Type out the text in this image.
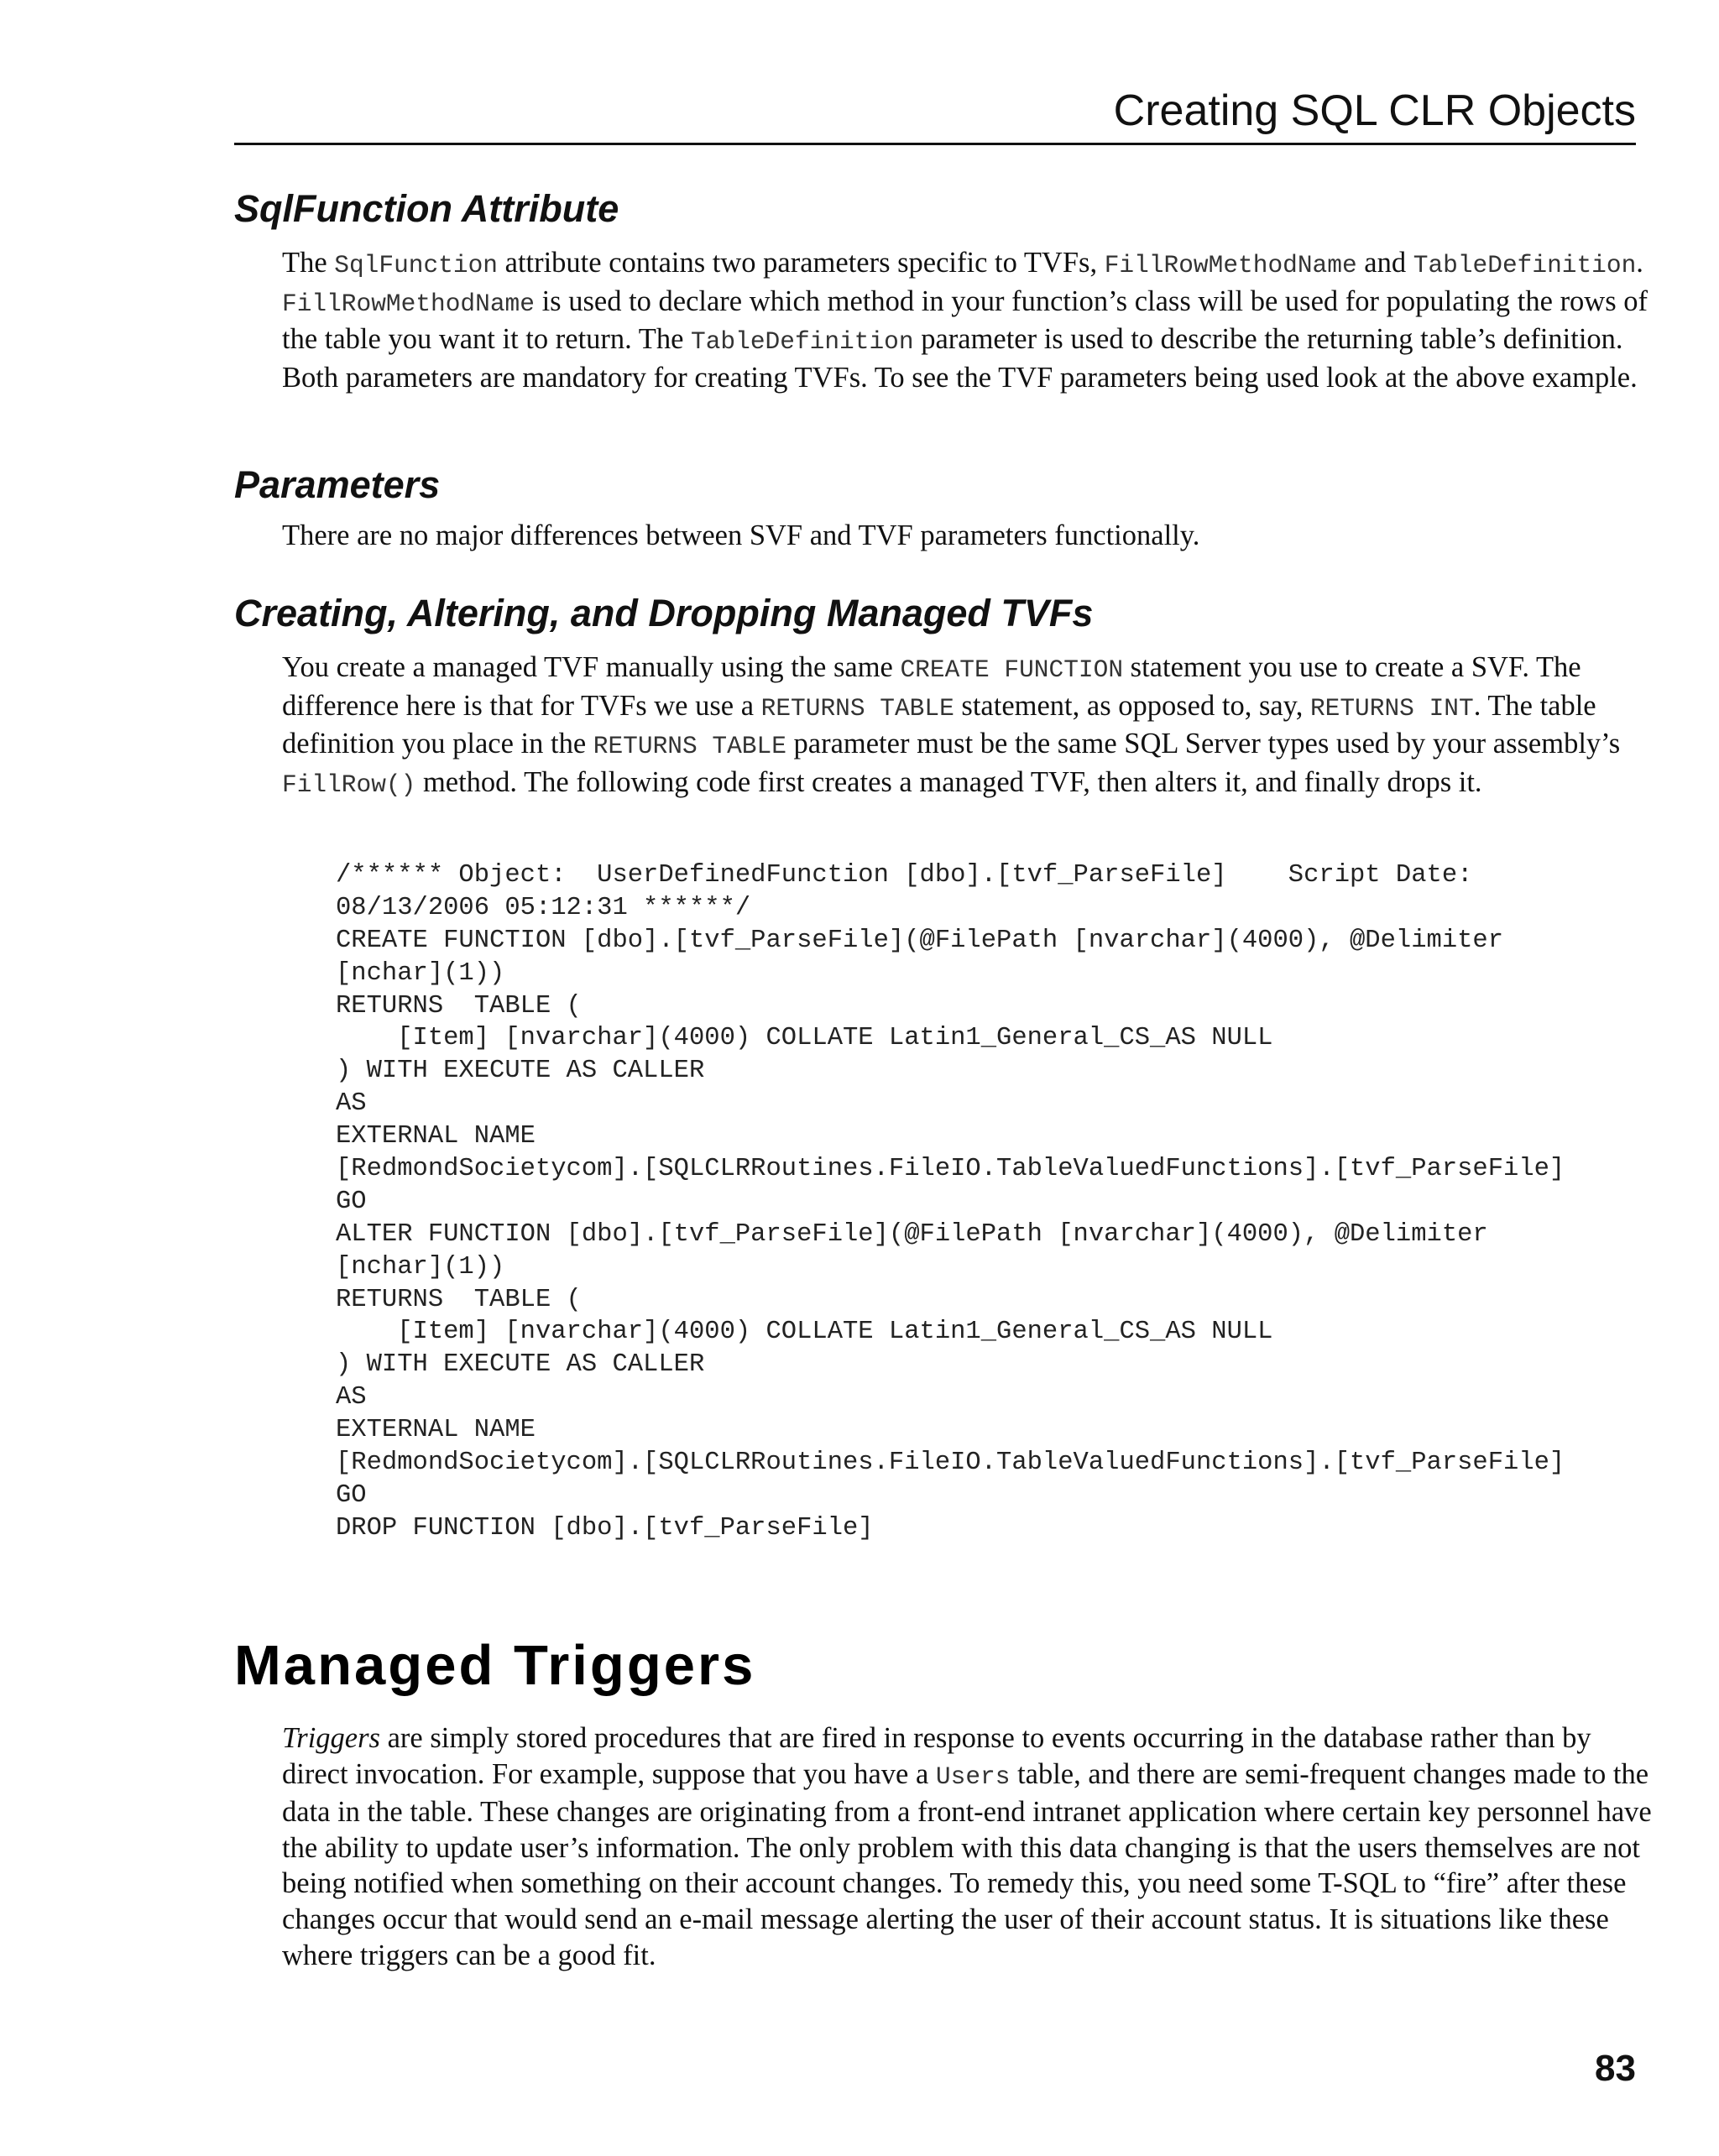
Creating SQL CLR Objects
SqlFunction Attribute

The SqlFunction attribute contains two parameters specific to TVFs, FillRowMethodName and TableDefinition. FillRowMethodName is used to declare which method in your function’s class will be used for populating the rows of the table you want it to return. The TableDefinition parameter is used to describe the returning table’s definition. Both parameters are mandatory for creating TVFs. To see the TVF parameters being used look at the above example.

Parameters

There are no major differences between SVF and TVF parameters functionally.

Creating, Altering, and Dropping Managed TVFs

You create a managed TVF manually using the same CREATE FUNCTION statement you use to create a SVF. The difference here is that for TVFs we use a RETURNS TABLE statement, as opposed to, say, RETURNS INT. The table definition you place in the RETURNS TABLE parameter must be the same SQL Server types used by your assembly’s FillRow() method. The following code first creates a managed TVF, then alters it, and finally drops it.

/****** Object:  UserDefinedFunction [dbo].[tvf_ParseFile]    Script Date:
08/13/2006 05:12:31 ******/
CREATE FUNCTION [dbo].[tvf_ParseFile](@FilePath [nvarchar](4000), @Delimiter
[nchar](1))
RETURNS  TABLE (
[Item] [nvarchar](4000) COLLATE Latin1_General_CS_AS NULL
) WITH EXECUTE AS CALLER
AS
EXTERNAL NAME
[RedmondSocietycom].[SQLCLRRoutines.FileIO.TableValuedFunctions].[tvf_ParseFile]
GO
ALTER FUNCTION [dbo].[tvf_ParseFile](@FilePath [nvarchar](4000), @Delimiter
[nchar](1))
RETURNS  TABLE (
[Item] [nvarchar](4000) COLLATE Latin1_General_CS_AS NULL
) WITH EXECUTE AS CALLER
AS
EXTERNAL NAME
[RedmondSocietycom].[SQLCLRRoutines.FileIO.TableValuedFunctions].[tvf_ParseFile]
GO
DROP FUNCTION [dbo].[tvf_ParseFile]
Managed Triggers

Triggers are simply stored procedures that are fired in response to events occurring in the database rather than by direct invocation. For example, suppose that you have a Users table, and there are semi-frequent changes made to the data in the table. These changes are originating from a front-end intranet application where certain key personnel have the ability to update user’s information. The only problem with this data changing is that the users themselves are not being notified when something on their account changes. To remedy this, you need some T-SQL to “fire” after these changes occur that would send an e-mail message alerting the user of their account status. It is situations like these where triggers can be a good fit.

83
